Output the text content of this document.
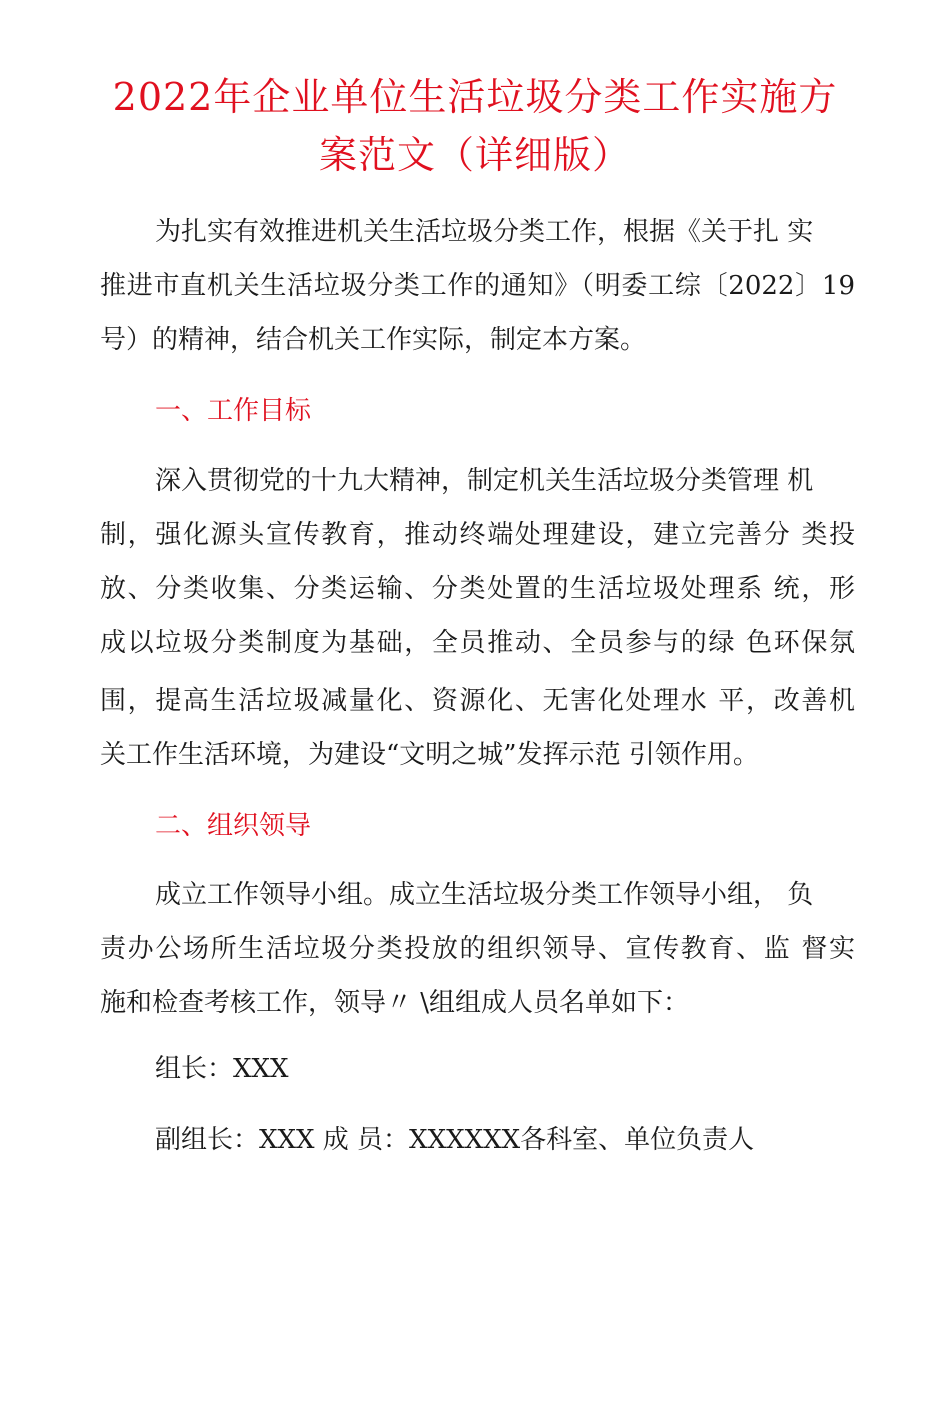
2022年企业单位生活垃圾分类工作实施方
案范文（详细版）
为扎实有效推进机关生活垃圾分类工作，根据《关于扎 实
推进市直机关生活垃圾分类工作的通知》（明委工综〔2022〕19
号）的精神，结合机关工作实际，制定本方案。
一、工作目标
深入贯彻党的十九大精神，制定机关生活垃圾分类管理 机
制，强化源头宣传教育，推动终端处理建设，建立完善分 类投
放、分类收集、分类运输、分类处置的生活垃圾处理系 统，形
成以垃圾分类制度为基础，全员推动、全员参与的绿 色环保氛
围，提高生活垃圾减量化、资源化、无害化处理水 平，改善机
关工作生活环境，为建设“文明之城”发挥示范 引领作用。
二、组织领导
成立工作领导小组。成立生活垃圾分类工作领导小组， 负
责办公场所生活垃圾分类投放的组织领导、宣传教育、监 督实
施和检查考核工作，领导〃 \组组成人员名单如下：
组长：XXX
副组长：XXX 成 员：XXXXXX各科室、单位负责人
